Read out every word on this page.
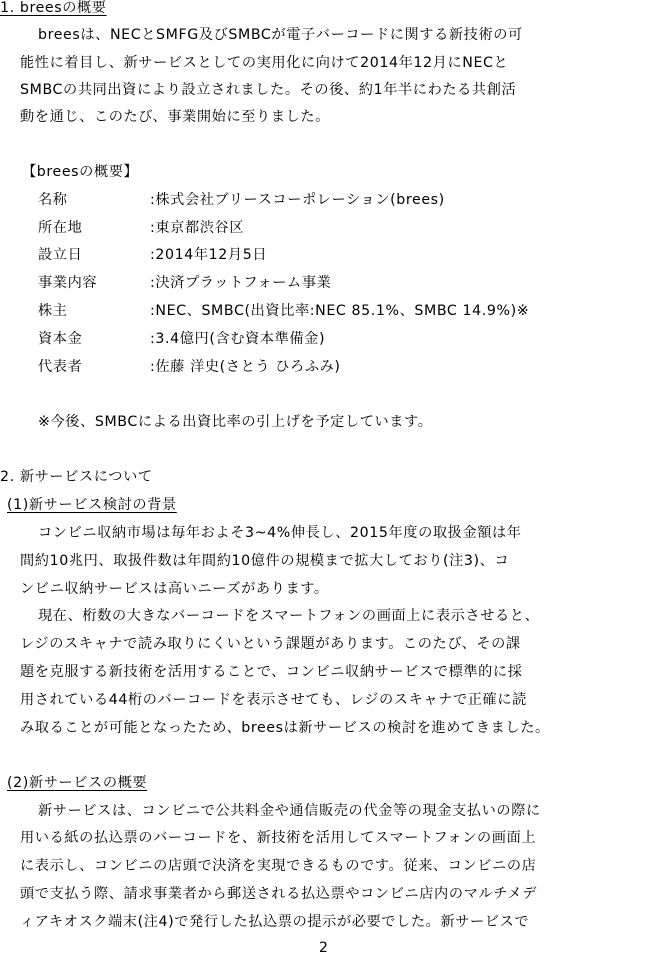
1. breesの概要
breesは、NECとSMFG及びSMBCが電子バーコードに関する新技術の可
能性に着目し、新サービスとしての実用化に向けて2014年12月にNECと
SMBCの共同出資により設立されました。その後、約1年半にわたる共創活
動を通じ、このたび、事業開始に至りました。
【breesの概要】
名称	:株式会社ブリースコーポレーション(brees)
所在地	:東京都渋谷区
設立日	:2014年12月5日
事業内容	:決済プラットフォーム事業
株主	:NEC、SMBC(出資比率:NEC 85.1%、SMBC 14.9%)※
資本金	:3.4億円(含む資本準備金)
代表者	:佐藤 洋史(さとう ひろふみ)
※今後、SMBCによる出資比率の引上げを予定しています。
2. 新サービスについて
(1)新サービス検討の背景
コンビニ収納市場は毎年およそ3~4%伸長し、2015年度の取扱金額は年
間約10兆円、取扱件数は年間約10億件の規模まで拡大しており(注3)、コ
ンビニ収納サービスは高いニーズがあります。
現在、桁数の大きなバーコードをスマートフォンの画面上に表示させると、
レジのスキャナで読み取りにくいという課題があります。このたび、その課
題を克服する新技術を活用することで、コンビニ収納サービスで標準的に採
用されている44桁のバーコードを表示させても、レジのスキャナで正確に読
み取ることが可能となったため、breesは新サービスの検討を進めてきました。
(2)新サービスの概要
新サービスは、コンビニで公共料金や通信販売の代金等の現金支払いの際に
用いる紙の払込票のバーコードを、新技術を活用してスマートフォンの画面上
に表示し、コンビニの店頭で決済を実現できるものです。従来、コンビニの店
頭で支払う際、請求事業者から郵送される払込票やコンビニ店内のマルチメデ
ィアキオスク端末(注4)で発行した払込票の提示が必要でした。新サービスで
2
